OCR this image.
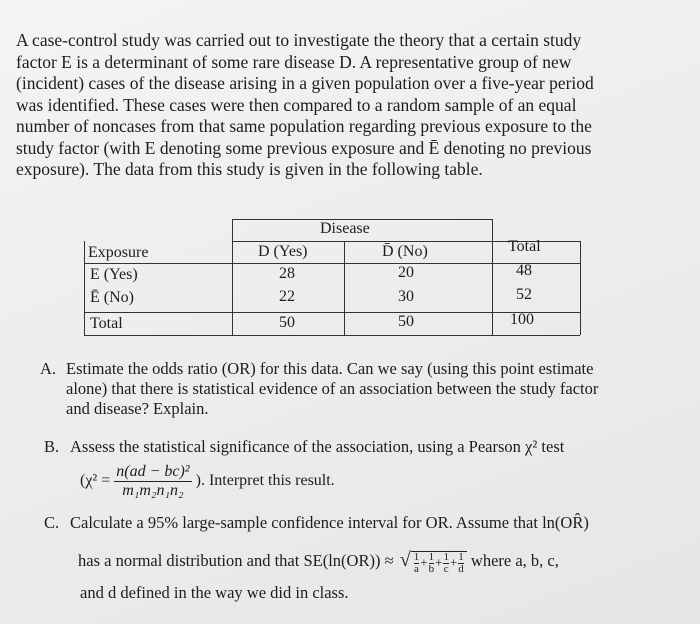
A case-control study was carried out to investigate the theory that a certain study

factor E is a determinant of some rare disease D. A representative group of new

(incident) cases of the disease arising in a given population over a five-year period

was identified. These cases were then compared to a random sample of an equal

number of noncases from that same population regarding previous exposure to the

study factor (with E denoting some previous exposure and Ē denoting no previous

exposure). The data from this study is given in the following table.

Disease
Exposure	D (Yes)	D̄ (No)	Total
E (Yes)	28	20	48
Ē (No)	22	30	52
Total	50	50	100
A. Estimate the odds ratio (OR) for this data. Can we say (using this point estimate
alone) that there is statistical evidence of an association between the study factor
and disease? Explain.
B. Assess the statistical significance of the association, using a Pearson χ² test
($\chi^2 = \frac{\text{n(ad − bc)²}}{\text{m₁m₂n₁n₂}}$ ). Interpret this result.
C. Calculate a 95% large-sample confidence interval for OR. Assume that ln(OR̂)
has a normal distribution and that SE(ln(OR)) ≈ √ $\frac{1}{a} + \frac{1}{b} + \frac{1}{c} + \frac{1}{d}$ where a, b, c,
and d defined in the way we did in class.
